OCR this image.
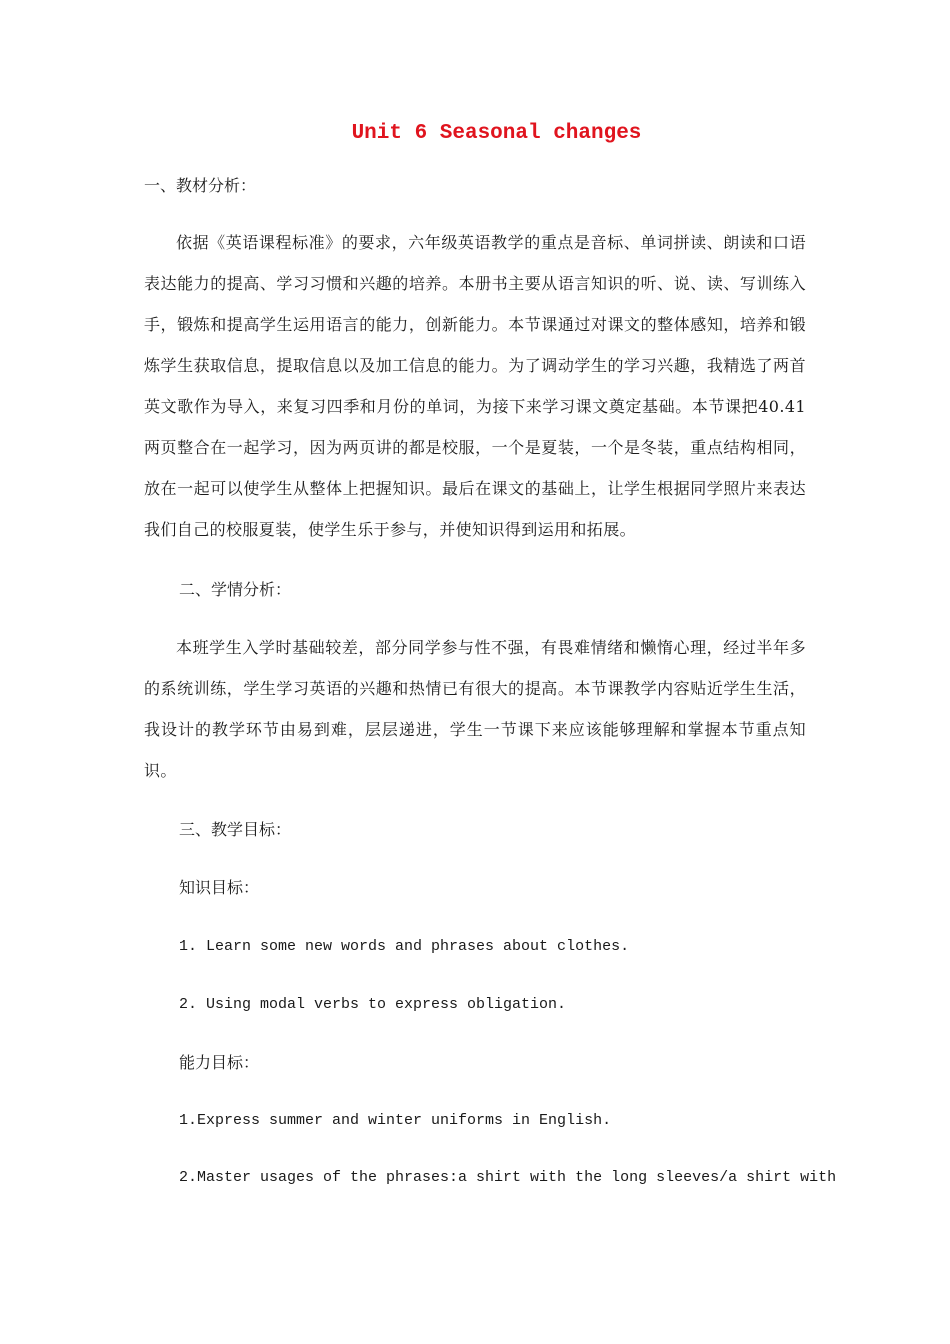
Unit 6 Seasonal changes
一、教材分析：
依据《英语课程标准》的要求，六年级英语教学的重点是音标、单词拼读、朗读和口语表达能力的提高、学习习惯和兴趣的培养。本册书主要从语言知识的听、说、读、写训练入手，锻炼和提高学生运用语言的能力，创新能力。本节课通过对课文的整体感知，培养和锻炼学生获取信息，提取信息以及加工信息的能力。为了调动学生的学习兴趣，我精选了两首英文歌作为导入，来复习四季和月份的单词，为接下来学习课文奠定基础。本节课把40.41两页整合在一起学习，因为两页讲的都是校服，一个是夏装，一个是冬装，重点结构相同，放在一起可以使学生从整体上把握知识。最后在课文的基础上，让学生根据同学照片来表达我们自己的校服夏装，使学生乐于参与，并使知识得到运用和拓展。
二、学情分析：
本班学生入学时基础较差，部分同学参与性不强，有畏难情绪和懒惰心理，经过半年多的系统训练，学生学习英语的兴趣和热情已有很大的提高。本节课教学内容贴近学生生活，我设计的教学环节由易到难，层层递进，学生一节课下来应该能够理解和掌握本节重点知识。
三、教学目标：
知识目标：
1. Learn some new words and phrases about clothes.
2. Using modal verbs to express obligation.
能力目标：
1.Express summer and winter uniforms in English.
2.Master usages of the phrases:a shirt with the long sleeves/a shirt with
